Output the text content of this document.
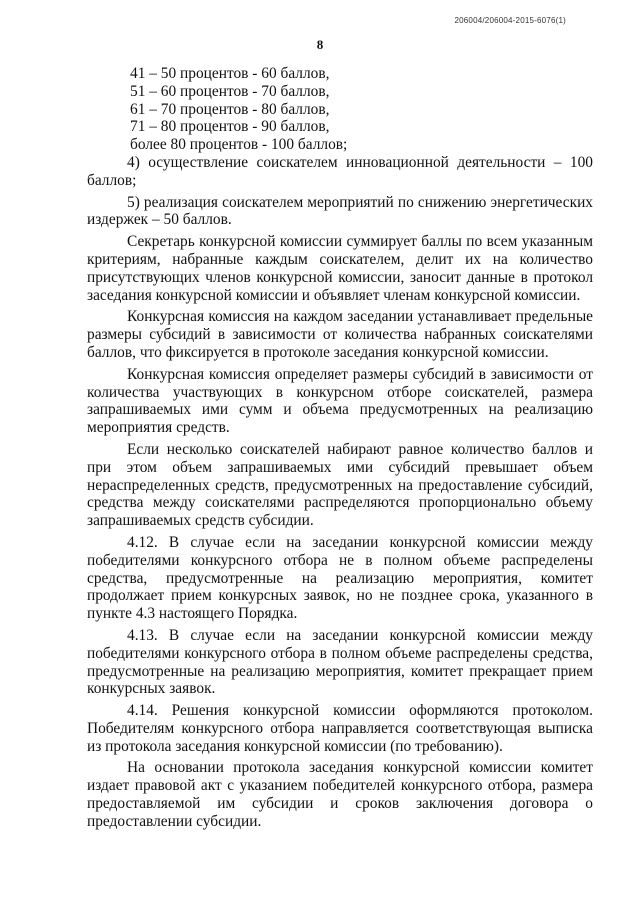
206004/206004-2015-6076(1)
8

41 – 50 процентов - 60 баллов,

51 – 60 процентов - 70 баллов,

61 – 70 процентов - 80 баллов,

71 – 80 процентов - 90 баллов,

более 80 процентов - 100 баллов;

4) осуществление соискателем инновационной деятельности – 100 баллов;

5) реализация соискателем мероприятий по снижению энергетических издержек – 50 баллов.

Секретарь конкурсной комиссии суммирует баллы по всем указанным критериям, набранные каждым соискателем, делит их на количество присутствующих членов конкурсной комиссии, заносит данные в протокол заседания конкурсной комиссии и объявляет членам конкурсной комиссии.

Конкурсная комиссия на каждом заседании устанавливает предельные размеры субсидий в зависимости от количества набранных соискателями баллов, что фиксируется в протоколе заседания конкурсной комиссии.

Конкурсная комиссия определяет размеры субсидий в зависимости от количества участвующих в конкурсном отборе соискателей, размера запрашиваемых ими сумм и объема предусмотренных на реализацию мероприятия средств.

Если несколько соискателей набирают равное количество баллов и при этом объем запрашиваемых ими субсидий превышает объем нераспределенных средств, предусмотренных на предоставление субсидий, средства между соискателями распределяются пропорционально объему запрашиваемых средств субсидии.

4.12. В случае если на заседании конкурсной комиссии между победителями конкурсного отбора не в полном объеме распределены средства, предусмотренные на реализацию мероприятия, комитет продолжает прием конкурсных заявок, но не позднее срока, указанного в пункте 4.3 настоящего Порядка.

4.13. В случае если на заседании конкурсной комиссии между победителями конкурсного отбора в полном объеме распределены средства, предусмотренные на реализацию мероприятия, комитет прекращает прием конкурсных заявок.

4.14. Решения конкурсной комиссии оформляются протоколом. Победителям конкурсного отбора направляется соответствующая выписка из протокола заседания конкурсной комиссии (по требованию).

На основании протокола заседания конкурсной комиссии комитет издает правовой акт с указанием победителей конкурсного отбора, размера предоставляемой им субсидии и сроков заключения договора о предоставлении субсидии.
